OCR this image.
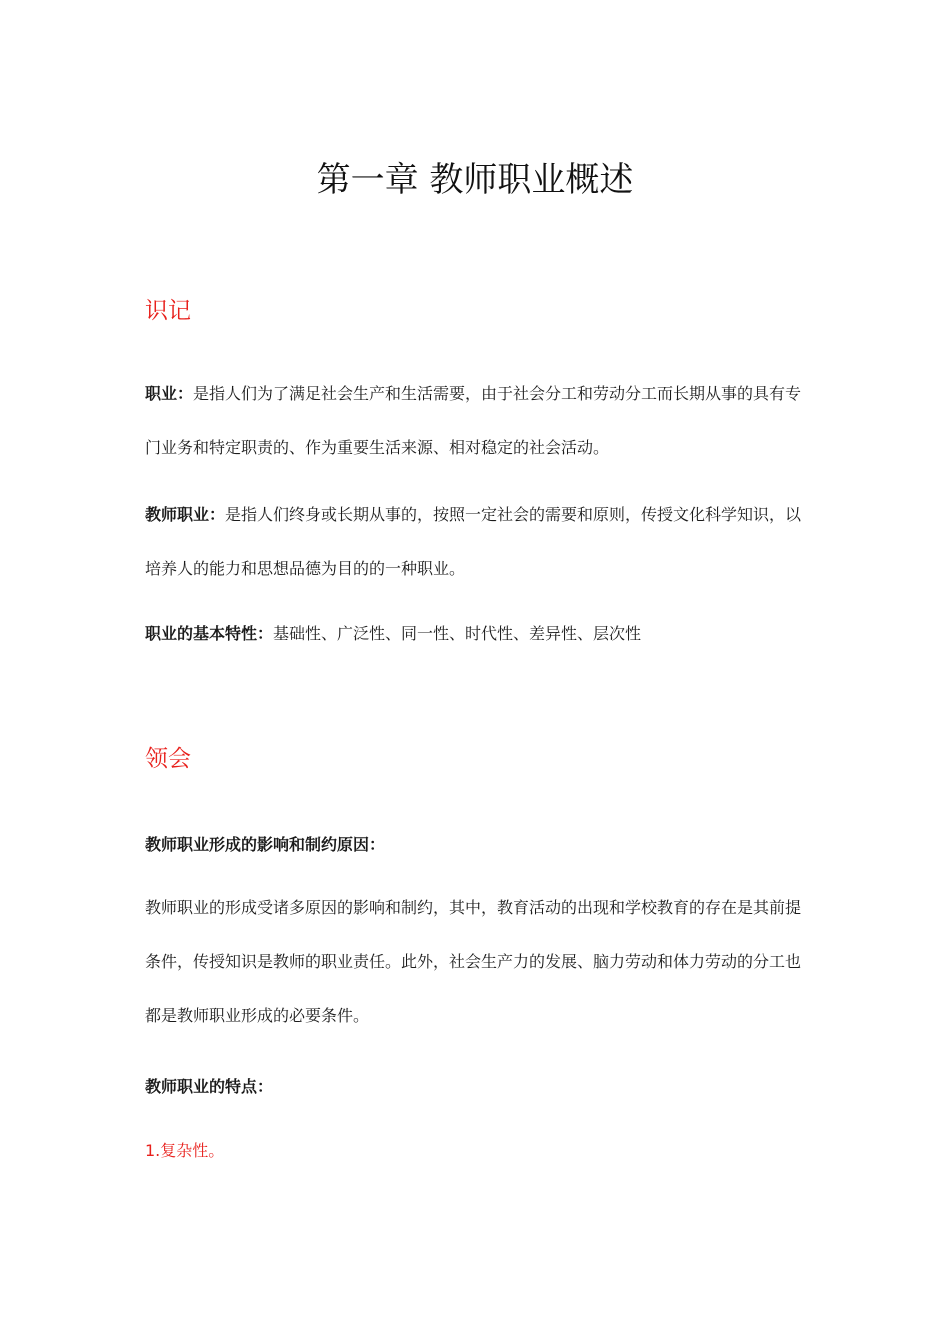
第一章 教师职业概述
识记

职业：是指人们为了满足社会生产和生活需要，由于社会分工和劳动分工而长期从事的具有专门业务和特定职责的、作为重要生活来源、相对稳定的社会活动。

教师职业：是指人们终身或长期从事的，按照一定社会的需要和原则，传授文化科学知识，以培养人的能力和思想品德为目的的一种职业。

职业的基本特性：基础性、广泛性、同一性、时代性、差异性、层次性

领会

教师职业形成的影响和制约原因：

教师职业的形成受诸多原因的影响和制约，其中，教育活动的出现和学校教育的存在是其前提条件，传授知识是教师的职业责任。此外，社会生产力的发展、脑力劳动和体力劳动的分工也都是教师职业形成的必要条件。

教师职业的特点：

1.复杂性。
